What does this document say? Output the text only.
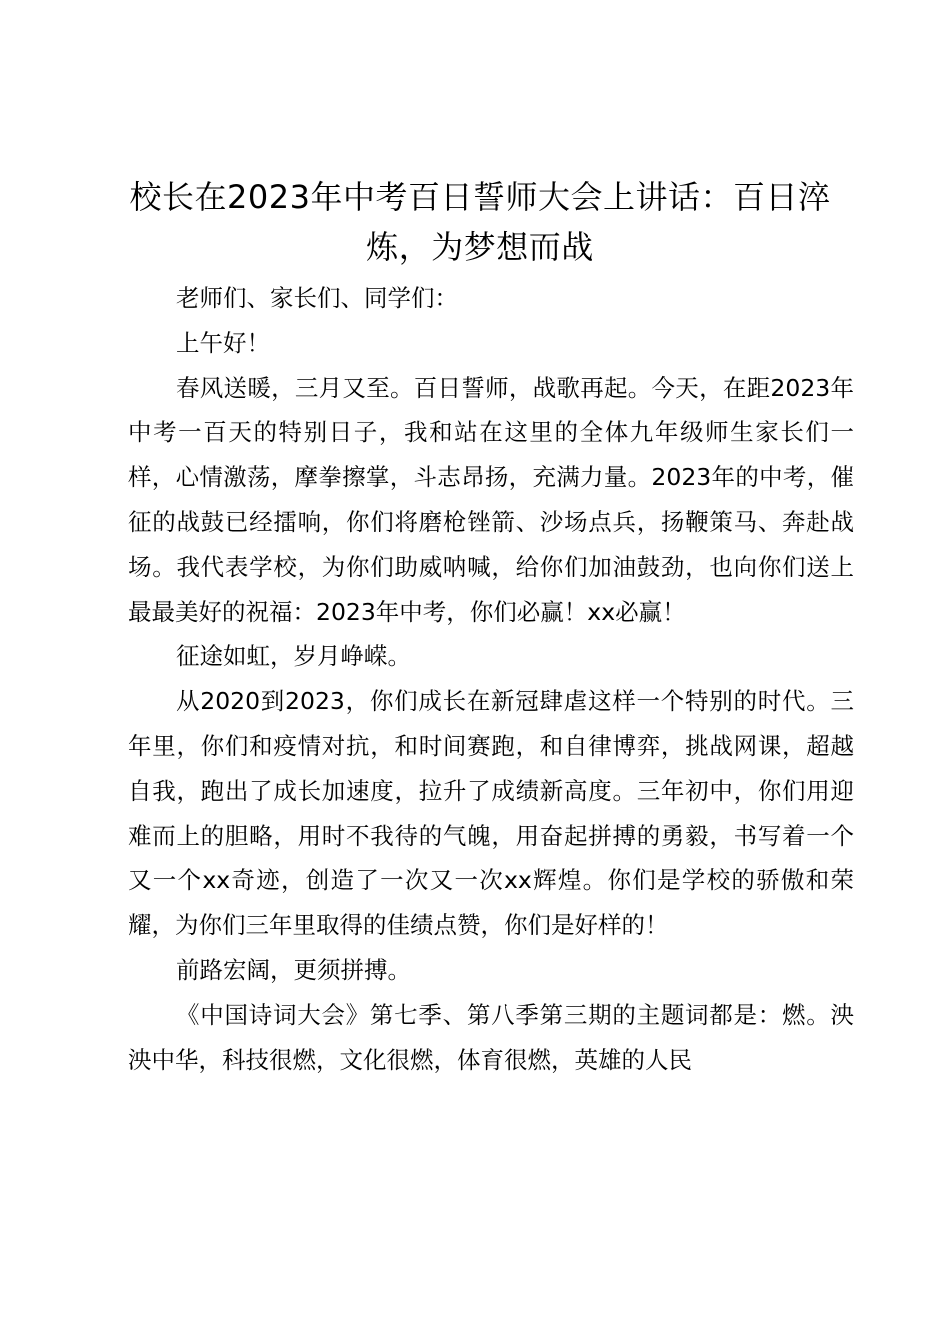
校长在2023年中考百日誓师大会上讲话：百日淬炼，为梦想而战

老师们、家长们、同学们：

上午好！

春风送暖，三月又至。百日誓师，战歌再起。今天，在距2023年中考一百天的特别日子，我和站在这里的全体九年级师生家长们一样，心情激荡，摩拳擦掌，斗志昂扬，充满力量。2023年的中考，催征的战鼓已经擂响，你们将磨枪锉箭、沙场点兵，扬鞭策马、奔赴战场。我代表学校，为你们助威呐喊，给你们加油鼓劲，也向你们送上最最美好的祝福：2023年中考，你们必赢！xx必赢！

征途如虹，岁月峥嵘。

从2020到2023，你们成长在新冠肆虐这样一个特别的时代。三年里，你们和疫情对抗，和时间赛跑，和自律博弈，挑战网课，超越自我，跑出了成长加速度，拉升了成绩新高度。三年初中，你们用迎难而上的胆略，用时不我待的气魄，用奋起拼搏的勇毅，书写着一个又一个xx奇迹，创造了一次又一次xx辉煌。你们是学校的骄傲和荣耀，为你们三年里取得的佳绩点赞，你们是好样的！

前路宏阔，更须拼搏。

《中国诗词大会》第七季、第八季第三期的主题词都是：燃。泱泱中华，科技很燃，文化很燃，体育很燃，英雄的人民
